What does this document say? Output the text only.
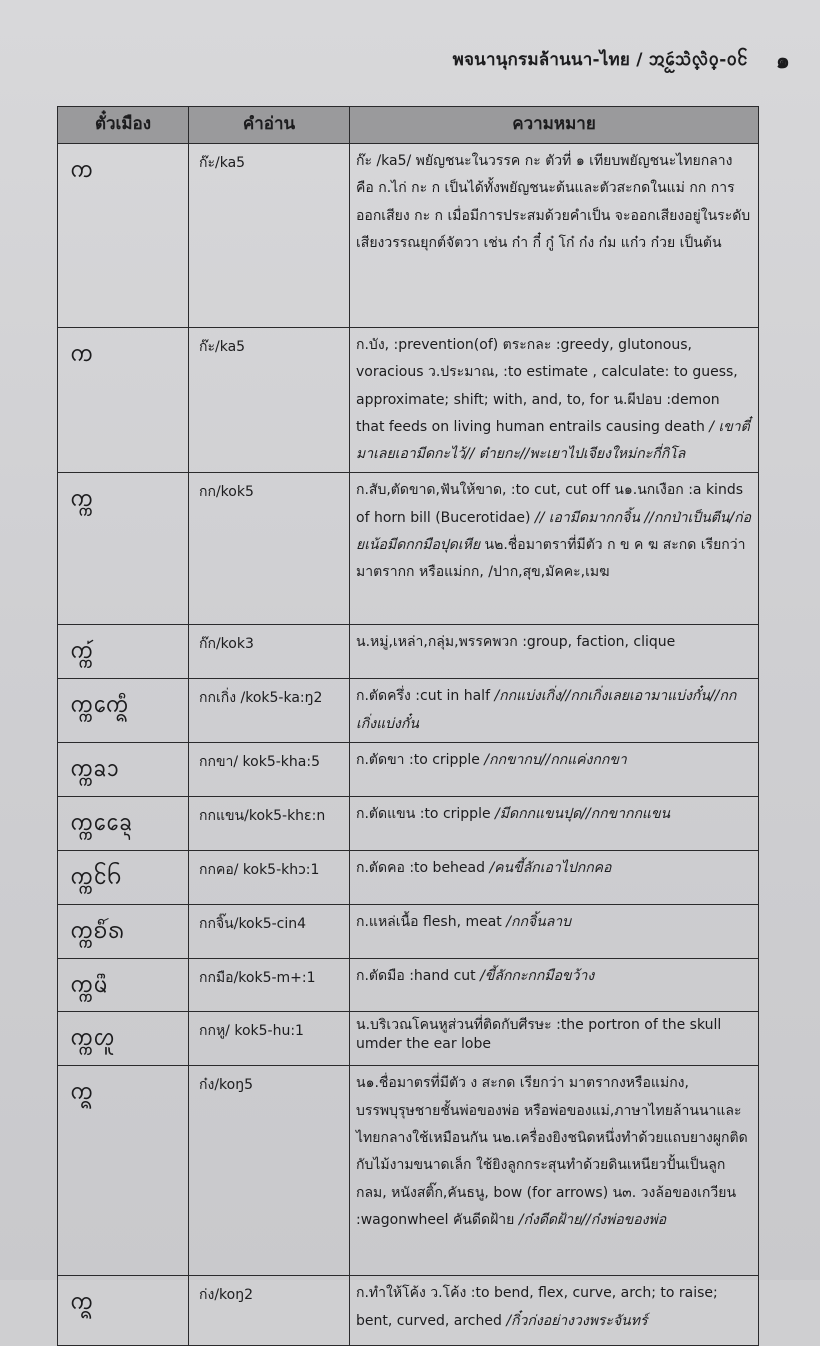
พจนานุกรมล้านนา-ไทย / ᩋᩮᩬᩢᩈᩫ᩠ᩃᩫ᩠ᩅ-ᩅᩰ ๑
ตั๋วเมือง	คำอ่าน	ความหมาย
ᨠ	ก๊ะ/ka5	ก๊ะ /ka5/ พยัญชนะในวรรค กะ ตัวที่ ๑ เทียบพยัญชนะไทยกลาง คือ ก.ไก่ กะ ก เป็นได้ทั้งพยัญชนะต้นและตัวสะกดในแม่ กก การออกเสียง กะ ก เมื่อมีการประสมด้วยคำเป็น จะออกเสียงอยู่ในระดับเสียงวรรณยุกต์จัตวา เช่น ก๋า กี๋ กู๋ โก๋ ก๋ง ก๋ม แก๋ว ก๋วย เป็นต้น
ᨠ	ก๊ะ/ka5	ก.บัง, :prevention(of) ตระกละ :greedy, glutonous, voracious ว.ประมาณ, :to estimate , calculate: to guess, approximate; shift; with, and, to, for น.ผีปอบ :demon that feeds on living human entrails causing death / เขาตี๋มาเลยเอามีดกะไว้// ต๋ายกะ//พะเยาไปเจียงใหม่กะกี่กิโล
ᨠ᩠ᨠ	กก/kok5	ก.สับ,ตัดขาด,ฟันให้ขาด, :to cut, cut off น๑.นกเงือก :a kinds of horn bill (Bucerotidae) // เอามีดมากกจิ้น //กกป่าเป็นตีน/ก่อยเน้อมีดกกมือปุดเหีย น๒.ชื่อมาตราที่มีตัว ก ข ค ฆ สะกด เรียกว่า มาตรากก หรือแม่กก, /ปาก,สุข,มัคคะ,เมฆ
ᨠ᩠ᨠ᩶	ก๊ก/kok3	น.หมู่,เหล่า,กลุ่ม,พรรคพวก :group, faction, clique
ᨠ᩠ᨠᨠᩮᩥ᩠ᨦ	กกเกิ่ง /kok5-ka:ŋ2	ก.ตัดครึ่ง :cut in half /กกแบ่งเกิ่ง//กกเกิ่งเลยเอามาแบ่งกั๋น//กกเกิ่งแบ่งกั๋น
ᨠ᩠ᨠᨡᩣ	กกขา/ kok5-kha:5	ก.ตัดขา :to cripple /กกขากบ//กกแค่งกกขา
ᨠ᩠ᨠᩯᨡ᩠ᨶ	กกแขน/kok5-khɛ:n	ก.ตัดแขน :to cripple /มีดกกแขนปุด//กกขากกแขน
ᨠ᩠ᨠᨤᩰ	กกคอ/ kok5-khɔ:1	ก.ตัดคอ :to behead /คนขี้ลักเอาไปกกคอ
ᨠ᩠ᨠᨧᩥ᩶ᩁ	กกจิ๊น/kok5-cin4	ก.แหล่เนื้อ flesh, meat /กกจิ้นลาบ
ᨠ᩠ᨠᨾᩨ	กกมือ/kok5-m+:1	ก.ตัดมือ :hand cut /ขี้ลักกะกกมือขว้าง
ᨠ᩠ᨠᩉᩪ	กกหู/ kok5-hu:1	น.บริเวณโคนหูส่วนที่ติดกับศีรษะ :the portron of the skull umder the ear lobe
ᨠ᩠ᨦ	ก๋ง/koŋ5	น๑.ชื่อมาตรที่มีตัว ง สะกด เรียกว่า มาตรากงหรือแม่กง, บรรพบุรุษชายชั้นพ่อของพ่อ หรือพ่อของแม่,ภาษาไทยล้านนาและไทยกลางใช้เหมือนกัน น๒.เครื่องยิงชนิดหนึ่งทำด้วยแถบยางผูกติดกับไม้งามขนาดเล็ก ใช้ยิงลูกกระสุนทำด้วยดินเหนียวปั้นเป็นลูกกลม, หนังสติ๊ก,คันธนู, bow (for arrows) น๓. วงล้อของเกวียน :wagonwheel คันดีดฝ้าย /ก๋งดีดฝ้าย//ก๋งพ่อของพ่อ
ᨠ᩠ᨦ	ก่ง/koŋ2	ก.ทำให้โค้ง ว.โค้ง :to bend, flex, curve, arch; to raise; bent, curved, arched /กิ๋วก่งอย่างวงพระจันทร์
